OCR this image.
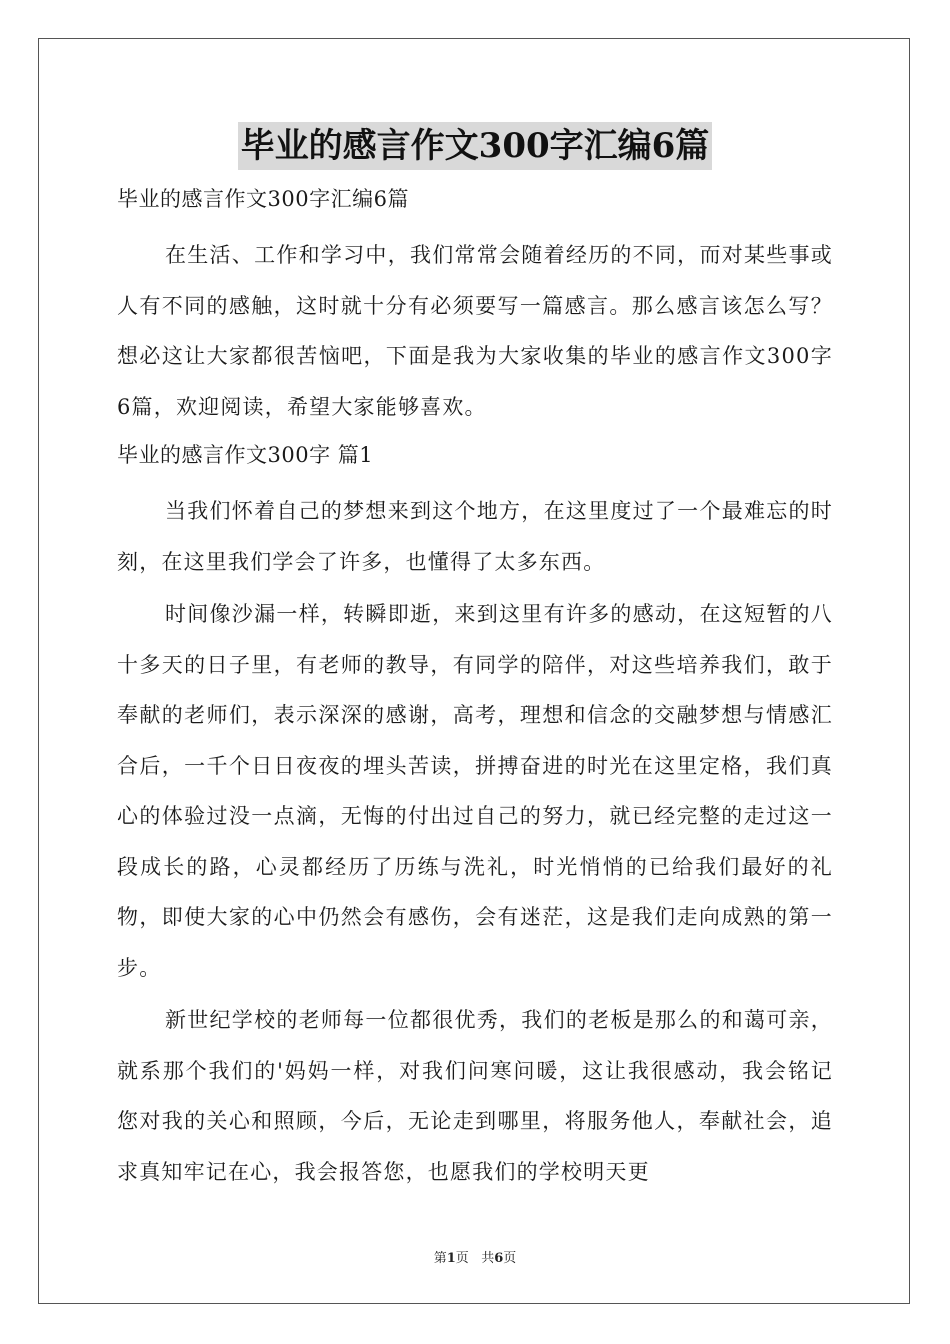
毕业的感言作文300字汇编6篇

毕业的感言作文300字汇编6篇

在生活、工作和学习中，我们常常会随着经历的不同，而对某些事或人有不同的感触，这时就十分有必须要写一篇感言。那么感言该怎么写？想必这让大家都很苦恼吧，下面是我为大家收集的毕业的感言作文300字6篇，欢迎阅读，希望大家能够喜欢。

毕业的感言作文300字 篇1

当我们怀着自己的梦想来到这个地方，在这里度过了一个最难忘的时刻，在这里我们学会了许多，也懂得了太多东西。

时间像沙漏一样，转瞬即逝，来到这里有许多的感动，在这短暂的八十多天的日子里，有老师的教导，有同学的陪伴，对这些培养我们，敢于奉献的老师们，表示深深的感谢，高考，理想和信念的交融梦想与情感汇合后，一千个日日夜夜的埋头苦读，拼搏奋进的时光在这里定格，我们真心的体验过没一点滴，无悔的付出过自己的努力，就已经完整的走过这一段成长的路，心灵都经历了历练与洗礼，时光悄悄的已给我们最好的礼物，即使大家的心中仍然会有感伤，会有迷茫，这是我们走向成熟的第一步。

新世纪学校的老师每一位都很优秀，我们的老板是那么的和蔼可亲，就系那个我们的'妈妈一样，对我们问寒问暖，这让我很感动，我会铭记您对我的关心和照顾，今后，无论走到哪里，将服务他人，奉献社会，追求真知牢记在心，我会报答您，也愿我们的学校明天更

第1页 共6页
